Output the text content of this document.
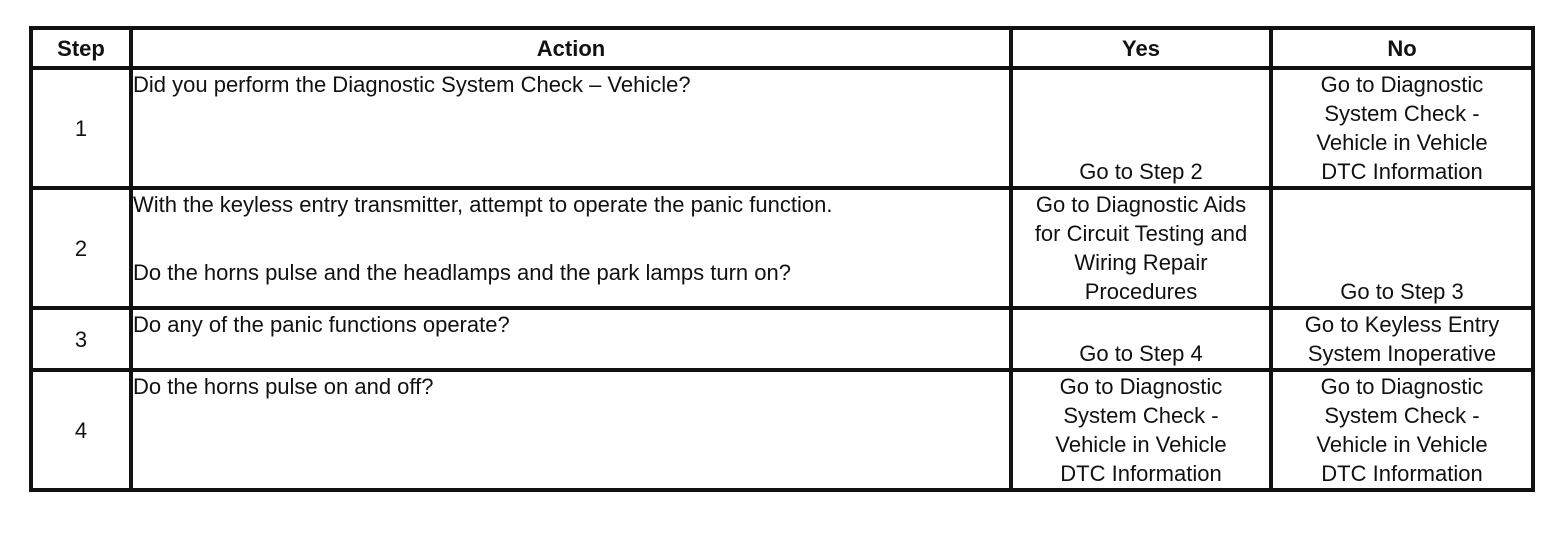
Step	Action	Yes	No
1	Did you perform the Diagnostic System Check – Vehicle?	Go to Step 2	Go to Diagnostic
System Check -
Vehicle in Vehicle
DTC Information

2	With the keyless entry transmitter, attempt to operate the panic function.
Do the horns pulse and the headlamps and the park lamps turn on?	Go to Diagnostic Aids
for Circuit Testing and
Wiring Repair
Procedures	Go to Step 3

3	Do any of the panic functions operate?	Go to Step 4	Go to Keyless Entry
System Inoperative

4	Do the horns pulse on and off?	Go to Diagnostic
System Check -
Vehicle in Vehicle
DTC Information	Go to Diagnostic
System Check -
Vehicle in Vehicle
DTC Information
